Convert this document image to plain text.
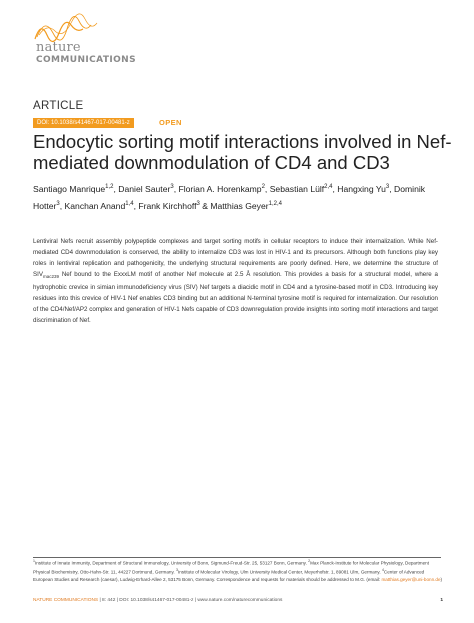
nature
COMMUNICATIONS
ARTICLE
DOI: 10.1038/s41467-017-00481-z	OPEN
Endocytic sorting motif interactions involved in Nef-mediated downmodulation of CD4 and CD3
Santiago Manrique$^{1,2}$, Daniel Sauter$^3$, Florian A. Horenkamp$^2$, Sebastian Lülf$^{2,4}$, Hangxing Yu$^3$, Dominik Hotter$^3$, Kanchan Anand$^{1,4}$, Frank Kirchhoff$^3$ & Matthias Geyer$^{1,2,4}$
Lentiviral Nefs recruit assembly polypeptide complexes and target sorting motifs in cellular receptors to induce their internalization. While Nef-mediated CD4 downmodulation is conserved, the ability to internalize CD3 was lost in HIV-1 and its precursors. Although both functions play key roles in lentiviral replication and pathogenicity, the underlying structural requirements are poorly defined. Here, we determine the structure of $SIV_{mac239}$ Nef bound to the ExxxLM motif of another Nef molecule at 2.5 Å resolution. This provides a basis for a structural model, where a hydrophobic crevice in simian immunodeficiency virus (SIV) Nef targets a diacidic motif in CD4 and a tyrosine-based motif in CD3. Introducing key residues into this crevice of HIV-1 Nef enables CD3 binding but an additional N-terminal tyrosine motif is required for internalization. Our resolution of the CD4/Nef/AP2 complex and generation of HIV-1 Nefs capable of CD3 downregulation provide insights into sorting motif interactions and target discrimination of Nef.
$^1$Institute of Innate Immunity, Department of Structural Immunology, University of Bonn, Sigmund-Freud-Str. 25, 53127 Bonn, Germany. $^2$Max Planck-Institute for Molecular Physiology, Department Physical Biochemistry, Otto-Hahn-Str. 11, 44227 Dortmund, Germany. $^3$Institute of Molecular Virology, Ulm University Medical Center, Meyerhofstr. 1, 89081 Ulm, Germany. $^4$Center of Advanced European Studies and Research (caesar), Ludwig-Erhard-Allee 2, 53175 Bonn, Germany. Correspondence and requests for materials should be addressed to M.G. (email: matthias.geyer@uni-bonn.de)
NATURE COMMUNICATIONS | 8: 442 | DOI: 10.1038/s41467-017-00481-z | www.nature.com/naturecommunications	1
